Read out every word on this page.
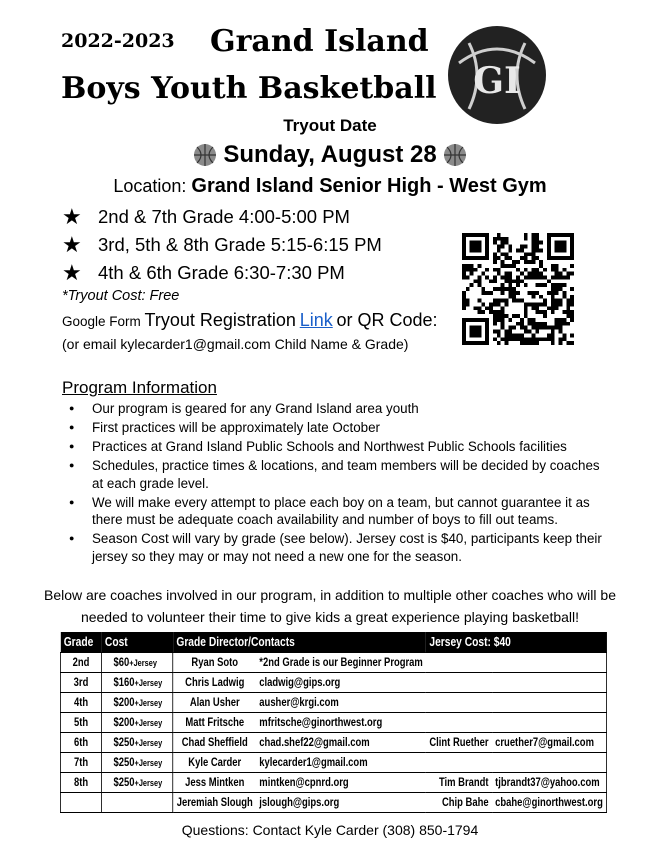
2022-2023 Grand Island
Boys Youth Basketball GI
Tryout Date
Sunday, August 28
Location: Grand Island Senior High - West Gym
★ 2nd & 7th Grade 4:00-5:00 PM
★ 3rd, 5th & 8th Grade 5:15-6:15 PM
★ 4th & 6th Grade 6:30-7:30 PM
*Tryout Cost: Free
Google Form Tryout Registration Link or QR Code:
(or email kylecarder1@gmail.com Child Name & Grade)
Program Information
● Our program is geared for any Grand Island area youth
● First practices will be approximately late October
● Practices at Grand Island Public Schools and Northwest Public Schools facilities
● Schedules, practice times & locations, and team members will be decided by coaches at each grade level.
● We will make every attempt to place each boy on a team, but cannot guarantee it as there must be adequate coach availability and number of boys to fill out teams.
● Season Cost will vary by grade (see below). Jersey cost is $40, participants keep their jersey so they may or may not need a new one for the season.
Below are coaches involved in our program, in addition to multiple other coaches who will be needed to volunteer their time to give kids a great experience playing basketball!
Grade	Cost	Grade Director/Contacts		Jersey Cost: $40	
2nd	$60+Jersey	Ryan Soto	*2nd Grade is our Beginner Program		
3rd	$160+Jersey	Chris Ladwig	cladwig@gips.org		
4th	$200+Jersey	Alan Usher	ausher@krgi.com		
5th	$200+Jersey	Matt Fritsche	mfritsche@ginorthwest.org		
6th	$250+Jersey	Chad Sheffield	chad.shef22@gmail.com	Clint Ruether	cruether7@gmail.com
7th	$250+Jersey	Kyle Carder	kylecarder1@gmail.com		
8th	$250+Jersey	Jess Mintken	mintken@cpnrd.org	Tim Brandt	tjbrandt37@yahoo.com
		Jeremiah Slough	jslough@gips.org	Chip Bahe	cbahe@ginorthwest.org
Questions: Contact Kyle Carder (308) 850-1794
